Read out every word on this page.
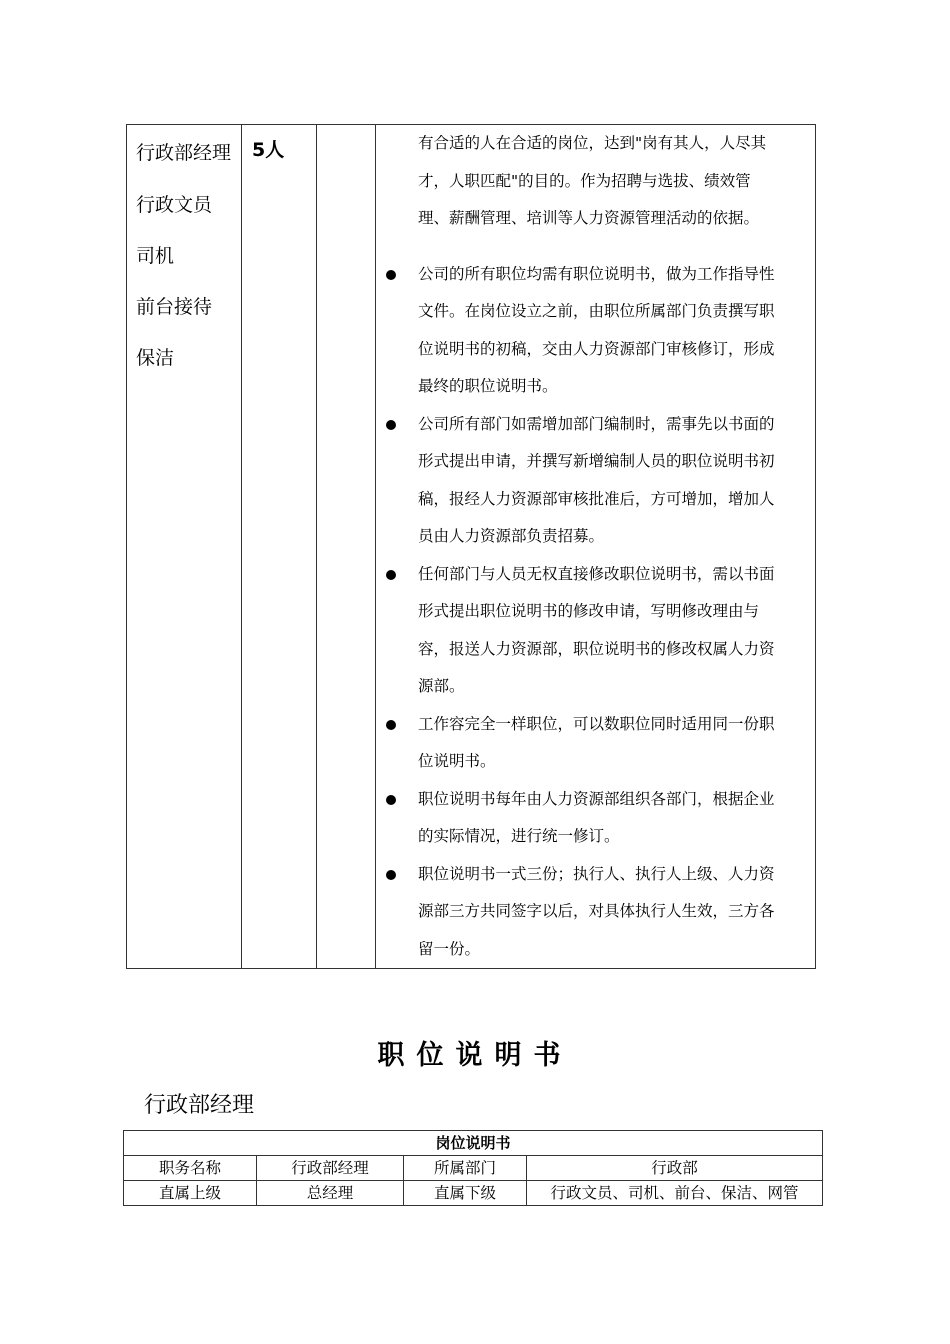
行政部经理
行政文员
司机
前台接待
保洁

5人		有合适的人在合适的岗位，达到"岗有其人，人尽其
才，人职匹配"的目的。作为招聘与选拔、绩效管
理、薪酬管理、培训等人力资源管理活动的依据。
公司的所有职位均需有职位说明书，做为工作指导性
文件。在岗位设立之前，由职位所属部门负责撰写职
位说明书的初稿，交由人力资源部门审核修订，形成
最终的职位说明书。
公司所有部门如需增加部门编制时，需事先以书面的
形式提出申请，并撰写新增编制人员的职位说明书初
稿，报经人力资源部审核批准后，方可增加，增加人
员由人力资源部负责招募。
任何部门与人员无权直接修改职位说明书，需以书面
形式提出职位说明书的修改申请，写明修改理由与
容，报送人力资源部，职位说明书的修改权属人力资
源部。
工作容完全一样职位，可以数职位同时适用同一份职
位说明书。
职位说明书每年由人力资源部组织各部门，根据企业
的实际情况，进行统一修订。
职位说明书一式三份；执行人、执行人上级、人力资
源部三方共同签字以后，对具体执行人生效，三方各
留一份。
职位说明书
行政部经理
岗位说明书			
职务名称	行政部经理	所属部门	行政部
直属上级	总经理	直属下级	行政文员、司机、前台、保洁、网管
